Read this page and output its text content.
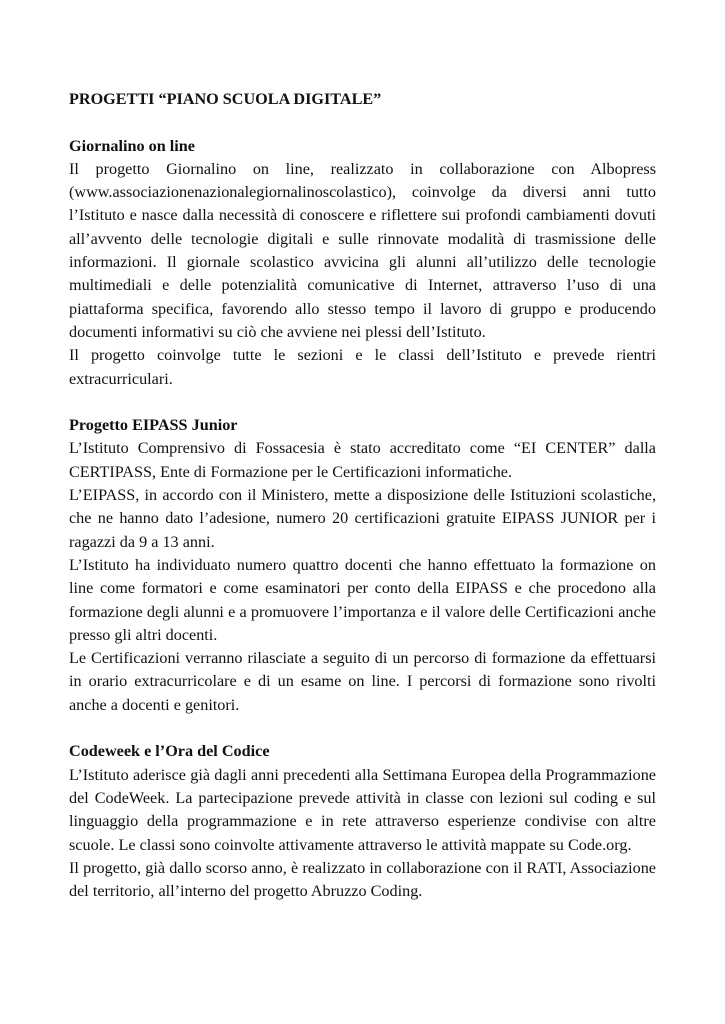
PROGETTI “PIANO SCUOLA DIGITALE”

Giornalino on line

Il progetto Giornalino on line, realizzato in collaborazione con Albopress (www.associazionenazionalegiornalinoscolastico), coinvolge da diversi anni tutto l’Istituto e nasce dalla necessità di conoscere e riflettere sui profondi cambiamenti dovuti all’avvento delle tecnologie digitali e sulle rinnovate modalità di trasmissione delle informazioni. Il giornale scolastico avvicina gli alunni all’utilizzo delle tecnologie multimediali e delle potenzialità comunicative di Internet, attraverso l’uso di una piattaforma specifica, favorendo allo stesso tempo il lavoro di gruppo e producendo documenti informativi su ciò che avviene nei plessi dell’Istituto.

Il progetto coinvolge tutte le sezioni e le classi dell’Istituto e prevede rientri extracurriculari.

Progetto EIPASS Junior

L’Istituto Comprensivo di Fossacesia è stato accreditato come “EI CENTER” dalla CERTIPASS, Ente di Formazione per le Certificazioni informatiche.

L’EIPASS, in accordo con il Ministero, mette a disposizione delle Istituzioni scolastiche, che ne hanno dato l’adesione, numero 20 certificazioni gratuite EIPASS JUNIOR per i ragazzi da 9 a 13 anni.

L’Istituto ha individuato numero quattro docenti che hanno effettuato la formazione on line come formatori e come esaminatori per conto della EIPASS e che procedono alla formazione degli alunni e a promuovere l’importanza e il valore delle Certificazioni anche presso gli altri docenti.

Le Certificazioni verranno rilasciate a seguito di un percorso di formazione da effettuarsi in orario extracurricolare e di un esame on line. I percorsi di formazione sono rivolti anche a docenti e genitori.

Codeweek e l’Ora del Codice

L’Istituto aderisce già dagli anni precedenti alla Settimana Europea della Programmazione del CodeWeek. La partecipazione prevede attività in classe con lezioni sul coding e sul linguaggio della programmazione e in rete attraverso esperienze condivise con altre scuole. Le classi sono coinvolte attivamente attraverso le attività mappate su Code.org.

Il progetto, già dallo scorso anno, è realizzato in collaborazione con il RATI, Associazione del territorio, all’interno del progetto Abruzzo Coding.
